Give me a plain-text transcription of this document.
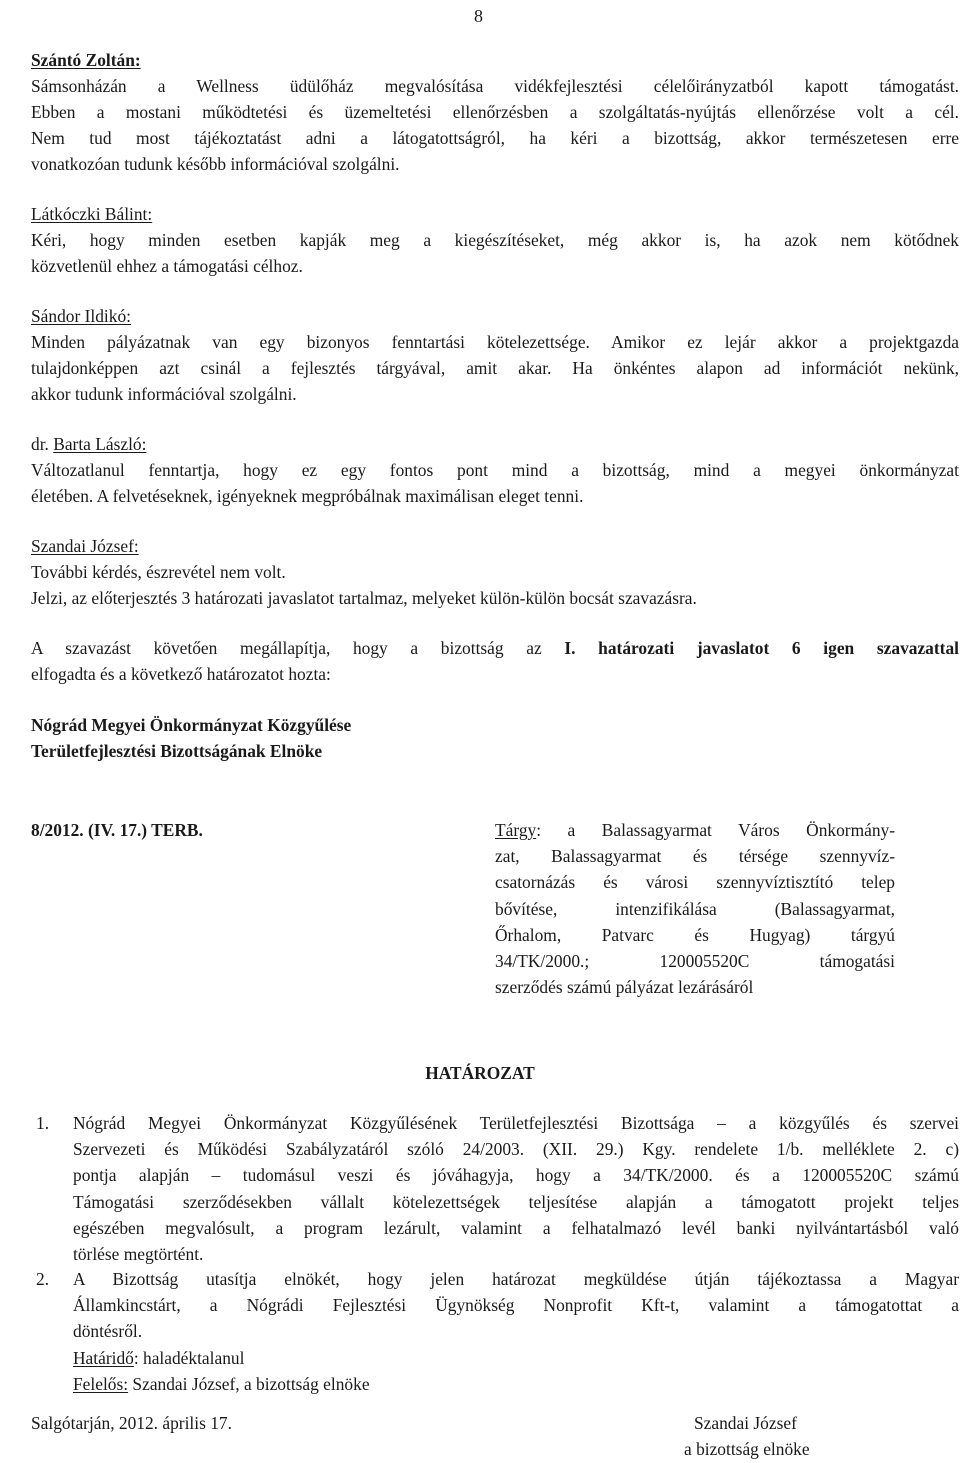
8
Szántó Zoltán:
Sámsonházán a Wellness üdülőház megvalósítása vidékfejlesztési célelőirányzatból kapott támogatást.
Ebben a mostani működtetési és üzemeltetési ellenőrzésben a szolgáltatás-nyújtás ellenőrzése volt a cél.
Nem tud most tájékoztatást adni a látogatottságról, ha kéri a bizottság, akkor természetesen erre
vonatkozóan tudunk később információval szolgálni.
Látkóczki Bálint:
Kéri, hogy minden esetben kapják meg a kiegészítéseket, még akkor is, ha azok nem kötődnek
közvetlenül ehhez a támogatási célhoz.
Sándor Ildikó:
Minden pályázatnak van egy bizonyos fenntartási kötelezettsége. Amikor ez lejár akkor a projektgazda
tulajdonképpen azt csinál a fejlesztés tárgyával, amit akar. Ha önkéntes alapon ad információt nekünk,
akkor tudunk információval szolgálni.
dr. Barta László:
Változatlanul fenntartja, hogy ez egy fontos pont mind a bizottság, mind a megyei önkormányzat
életében. A felvetéseknek, igényeknek megpróbálnak maximálisan eleget tenni.
Szandai József:
További kérdés, észrevétel nem volt.
Jelzi, az előterjesztés 3 határozati javaslatot tartalmaz, melyeket külön-külön bocsát szavazásra.
A szavazást követően megállapítja, hogy a bizottság az I. határozati javaslatot 6 igen szavazattal
elfogadta és a következő határozatot hozta:
Nógrád Megyei Önkormányzat Közgyűlése
Területfejlesztési Bizottságának Elnöke
8/2012. (IV. 17.) TERB.	Tárgy: a Balassagyarmat Város Önkormány-
zat, Balassagyarmat és térsége szennyvíz-
csatornázás és városi szennyvíztisztító telep
bővítése, intenzifikálása (Balassagyarmat,
Őrhalom, Patvarc és Hugyag) tárgyú
34/TK/2000.; 120005520C támogatási
szerződés számú pályázat lezárásáról
HATÁROZAT
1. Nógrád Megyei Önkormányzat Közgyűlésének Területfejlesztési Bizottsága – a közgyűlés és szervei
Szervezeti és Működési Szabályzatáról szóló 24/2003. (XII. 29.) Kgy. rendelete 1/b. melléklete 2. c)
pontja alapján – tudomásul veszi és jóváhagyja, hogy a 34/TK/2000. és a 120005520C számú
Támogatási szerződésekben vállalt kötelezettségek teljesítése alapján a támogatott projekt teljes
egészében megvalósult, a program lezárult, valamint a felhatalmazó levél banki nyilvántartásból való
törlése megtörtént.
2. A Bizottság utasítja elnökét, hogy jelen határozat megküldése útján tájékoztassa a Magyar
Államkincstárt, a Nógrádi Fejlesztési Ügynökség Nonprofit Kft-t, valamint a támogatottat a
döntésről.
Határidő: haladéktalanul
Felelős: Szandai József, a bizottság elnöke
Salgótarján, 2012. április 17.	Szandai József
a bizottság elnöke
